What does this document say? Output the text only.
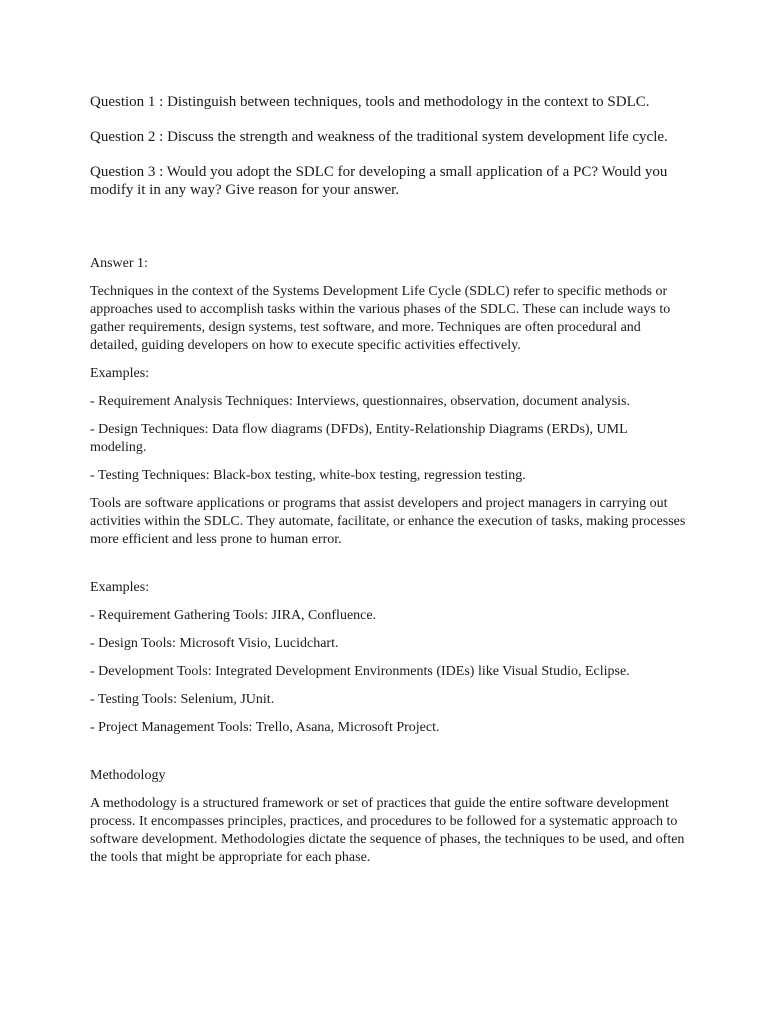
Question 1 : Distinguish between techniques, tools and methodology in the context to SDLC.

Question 2 : Discuss the strength and weakness of the traditional system development life cycle.

Question 3 : Would you adopt the SDLC for developing a small application of a PC? Would you modify it in any way? Give reason for your answer.

Answer 1:

Techniques in the context of the Systems Development Life Cycle (SDLC) refer to specific methods or approaches used to accomplish tasks within the various phases of the SDLC. These can include ways to gather requirements, design systems, test software, and more. Techniques are often procedural and detailed, guiding developers on how to execute specific activities effectively.

Examples:

- Requirement Analysis Techniques: Interviews, questionnaires, observation, document analysis.

- Design Techniques: Data flow diagrams (DFDs), Entity-Relationship Diagrams (ERDs), UML modeling.

- Testing Techniques: Black-box testing, white-box testing, regression testing.

Tools are software applications or programs that assist developers and project managers in carrying out activities within the SDLC. They automate, facilitate, or enhance the execution of tasks, making processes more efficient and less prone to human error.

Examples:

- Requirement Gathering Tools: JIRA, Confluence.

- Design Tools: Microsoft Visio, Lucidchart.

- Development Tools: Integrated Development Environments (IDEs) like Visual Studio, Eclipse.

- Testing Tools: Selenium, JUnit.

- Project Management Tools: Trello, Asana, Microsoft Project.

Methodology

A methodology is a structured framework or set of practices that guide the entire software development process. It encompasses principles, practices, and procedures to be followed for a systematic approach to software development. Methodologies dictate the sequence of phases, the techniques to be used, and often the tools that might be appropriate for each phase.
